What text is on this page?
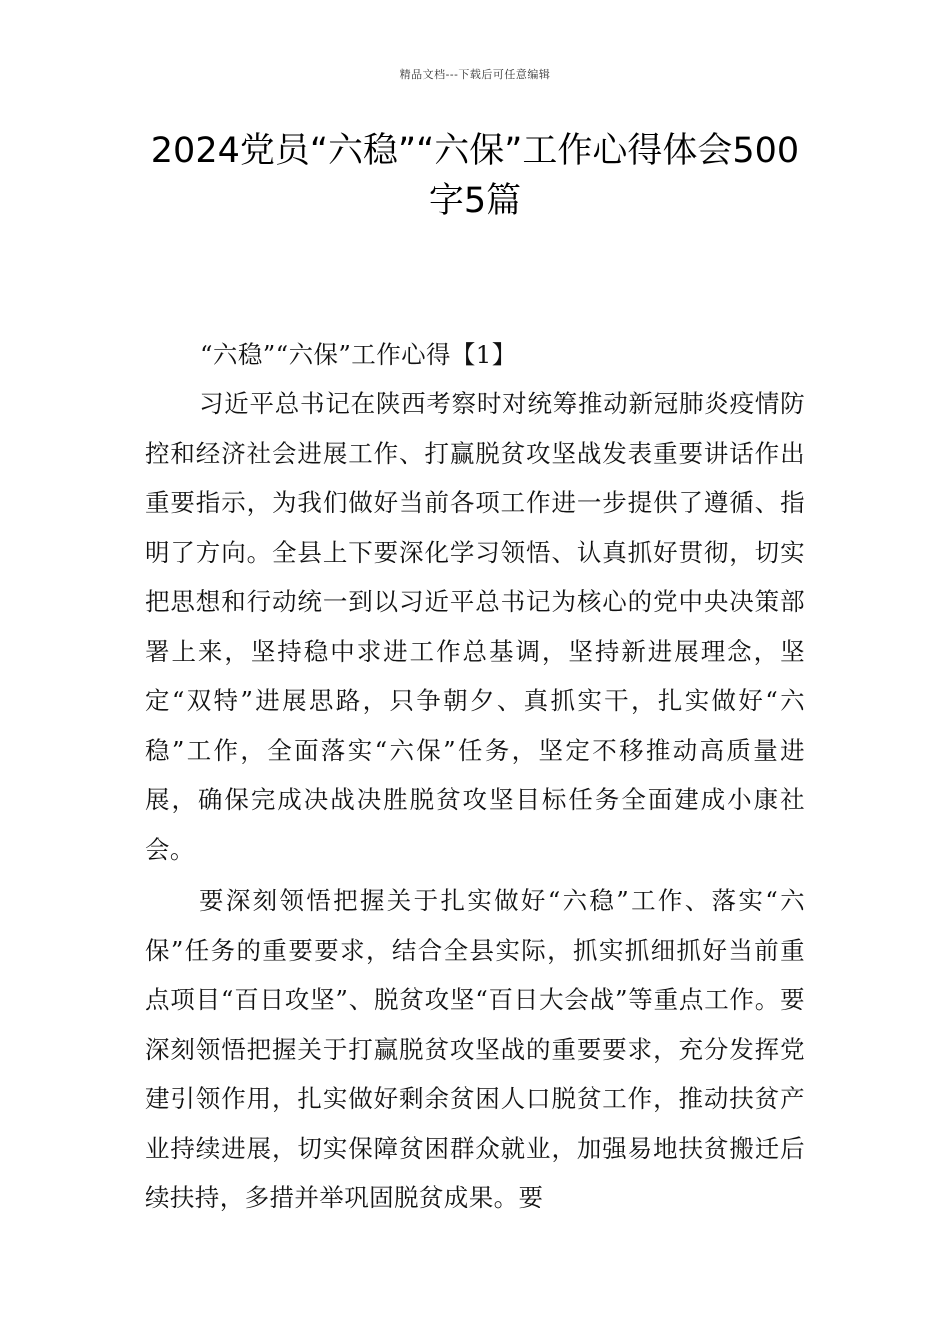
精品文档---下载后可任意编辑
2024党员“六稳”“六保”工作心得体会500字5篇

“六稳”“六保”工作心得【1】

习近平总书记在陕西考察时对统筹推动新冠肺炎疫情防控和经济社会进展工作、打赢脱贫攻坚战发表重要讲话作出重要指示，为我们做好当前各项工作进一步提供了遵循、指明了方向。全县上下要深化学习领悟、认真抓好贯彻，切实把思想和行动统一到以习近平总书记为核心的党中央决策部署上来，坚持稳中求进工作总基调，坚持新进展理念，坚定“双特”进展思路，只争朝夕、真抓实干，扎实做好“六稳”工作，全面落实“六保”任务，坚定不移推动高质量进展，确保完成决战决胜脱贫攻坚目标任务全面建成小康社会。

要深刻领悟把握关于扎实做好“六稳”工作、落实“六保”任务的重要要求，结合全县实际，抓实抓细抓好当前重点项目“百日攻坚”、脱贫攻坚“百日大会战”等重点工作。要深刻领悟把握关于打赢脱贫攻坚战的重要要求，充分发挥党建引领作用，扎实做好剩余贫困人口脱贫工作，推动扶贫产业持续进展，切实保障贫困群众就业，加强易地扶贫搬迁后续扶持，多措并举巩固脱贫成果。要
